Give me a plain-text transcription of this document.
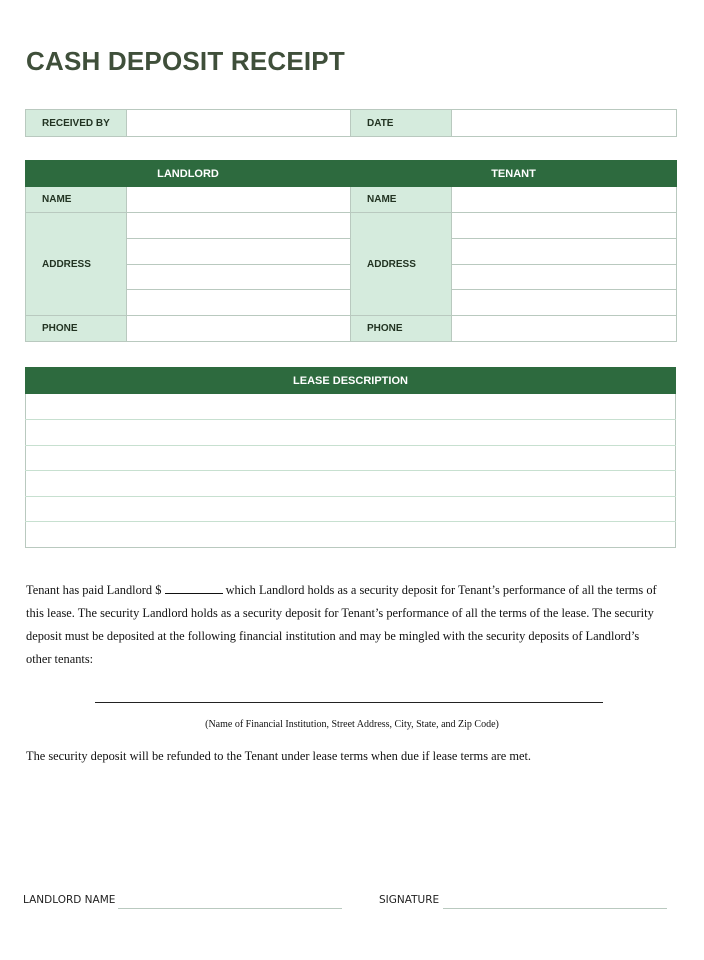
CASH DEPOSIT RECEIPT
RECEIVED BY		DATE	
LANDLORD		TENANT	
NAME		NAME	
ADDRESS		ADDRESS	

PHONE		PHONE	
LEASE DESCRIPTION

Tenant has paid Landlord $	which Landlord holds as a security deposit for Tenant’s performance of all the terms of this lease. The security Landlord holds as a security deposit for Tenant’s performance of all the terms of the lease. The security deposit must be deposited at the following financial institution and may be mingled with the security deposits of Landlord’s other tenants:
(Name of Financial Institution, Street Address, City, State, and Zip Code)
The security deposit will be refunded to the Tenant under lease terms when due if lease terms are met.
LANDLORD NAME	SIGNATURE
